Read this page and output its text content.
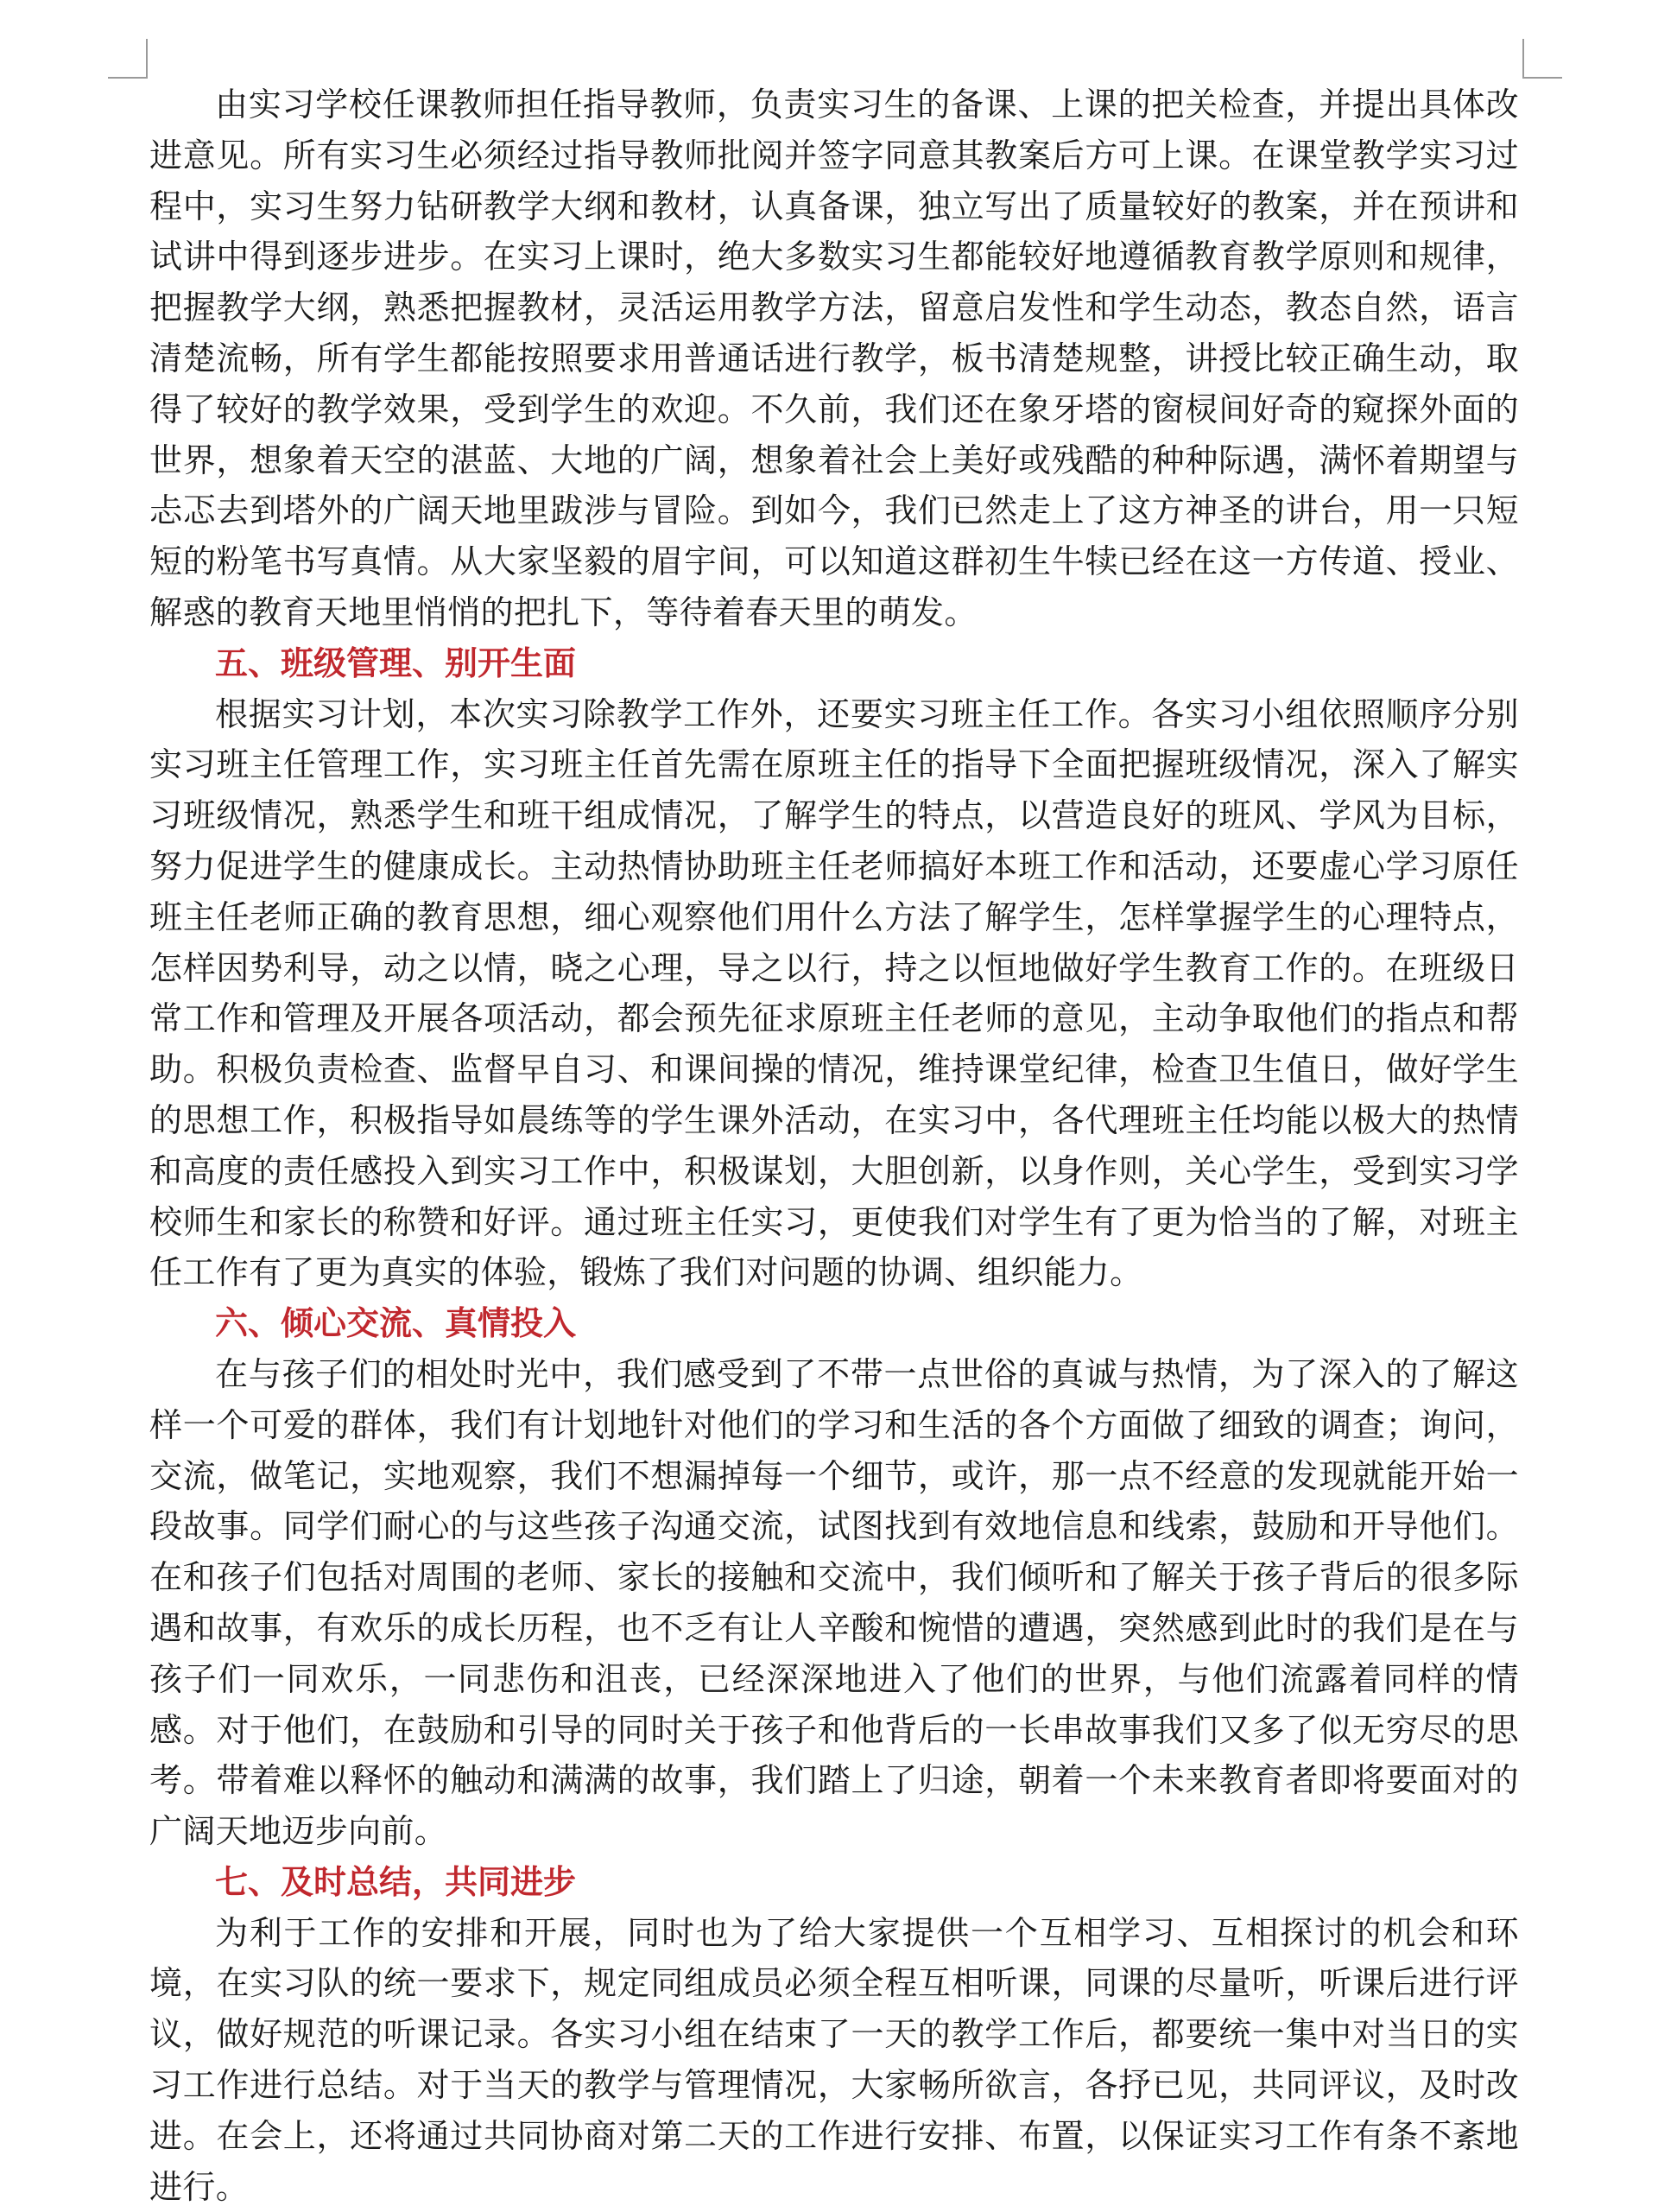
由实习学校任课教师担任指导教师，负责实习生的备课、上课的把关检查，并提出具体改进意见。所有实习生必须经过指导教师批阅并签字同意其教案后方可上课。在课堂教学实习过程中，实习生努力钻研教学大纲和教材，认真备课，独立写出了质量较好的教案，并在预讲和试讲中得到逐步进步。在实习上课时，绝大多数实习生都能较好地遵循教育教学原则和规律，把握教学大纲，熟悉把握教材，灵活运用教学方法，留意启发性和学生动态，教态自然，语言清楚流畅，所有学生都能按照要求用普通话进行教学，板书清楚规整，讲授比较正确生动，取得了较好的教学效果，受到学生的欢迎。不久前，我们还在象牙塔的窗棂间好奇的窥探外面的世界，想象着天空的湛蓝、大地的广阔，想象着社会上美好或残酷的种种际遇，满怀着期望与忐忑去到塔外的广阔天地里跋涉与冒险。到如今，我们已然走上了这方神圣的讲台，用一只短短的粉笔书写真情。从大家坚毅的眉宇间，可以知道这群初生牛犊已经在这一方传道、授业、解惑的教育天地里悄悄的把扎下，等待着春天里的萌发。

五、班级管理、别开生面

根据实习计划，本次实习除教学工作外，还要实习班主任工作。各实习小组依照顺序分别实习班主任管理工作，实习班主任首先需在原班主任的指导下全面把握班级情况，深入了解实习班级情况，熟悉学生和班干组成情况，了解学生的特点，以营造良好的班风、学风为目标，努力促进学生的健康成长。主动热情协助班主任老师搞好本班工作和活动，还要虚心学习原任班主任老师正确的教育思想，细心观察他们用什么方法了解学生，怎样掌握学生的心理特点，怎样因势利导，动之以情，晓之心理，导之以行，持之以恒地做好学生教育工作的。在班级日常工作和管理及开展各项活动，都会预先征求原班主任老师的意见，主动争取他们的指点和帮助。积极负责检查、监督早自习、和课间操的情况，维持课堂纪律，检查卫生值日，做好学生的思想工作，积极指导如晨练等的学生课外活动，在实习中，各代理班主任均能以极大的热情和高度的责任感投入到实习工作中，积极谋划，大胆创新，以身作则，关心学生，受到实习学校师生和家长的称赞和好评。通过班主任实习，更使我们对学生有了更为恰当的了解，对班主任工作有了更为真实的体验，锻炼了我们对问题的协调、组织能力。

六、倾心交流、真情投入

在与孩子们的相处时光中，我们感受到了不带一点世俗的真诚与热情，为了深入的了解这样一个可爱的群体，我们有计划地针对他们的学习和生活的各个方面做了细致的调查；询问，交流，做笔记，实地观察，我们不想漏掉每一个细节，或许，那一点不经意的发现就能开始一段故事。同学们耐心的与这些孩子沟通交流，试图找到有效地信息和线索，鼓励和开导他们。在和孩子们包括对周围的老师、家长的接触和交流中，我们倾听和了解关于孩子背后的很多际遇和故事，有欢乐的成长历程，也不乏有让人辛酸和惋惜的遭遇，突然感到此时的我们是在与孩子们一同欢乐，一同悲伤和沮丧，已经深深地进入了他们的世界，与他们流露着同样的情感。对于他们，在鼓励和引导的同时关于孩子和他背后的一长串故事我们又多了似无穷尽的思考。带着难以释怀的触动和满满的故事，我们踏上了归途，朝着一个未来教育者即将要面对的广阔天地迈步向前。

七、及时总结，共同进步

为利于工作的安排和开展，同时也为了给大家提供一个互相学习、互相探讨的机会和环境，在实习队的统一要求下，规定同组成员必须全程互相听课，同课的尽量听，听课后进行评议，做好规范的听课记录。各实习小组在结束了一天的教学工作后，都要统一集中对当日的实习工作进行总结。对于当天的教学与管理情况，大家畅所欲言，各抒已见，共同评议，及时改进。在会上，还将通过共同协商对第二天的工作进行安排、布置，以保证实习工作有条不紊地进行。
